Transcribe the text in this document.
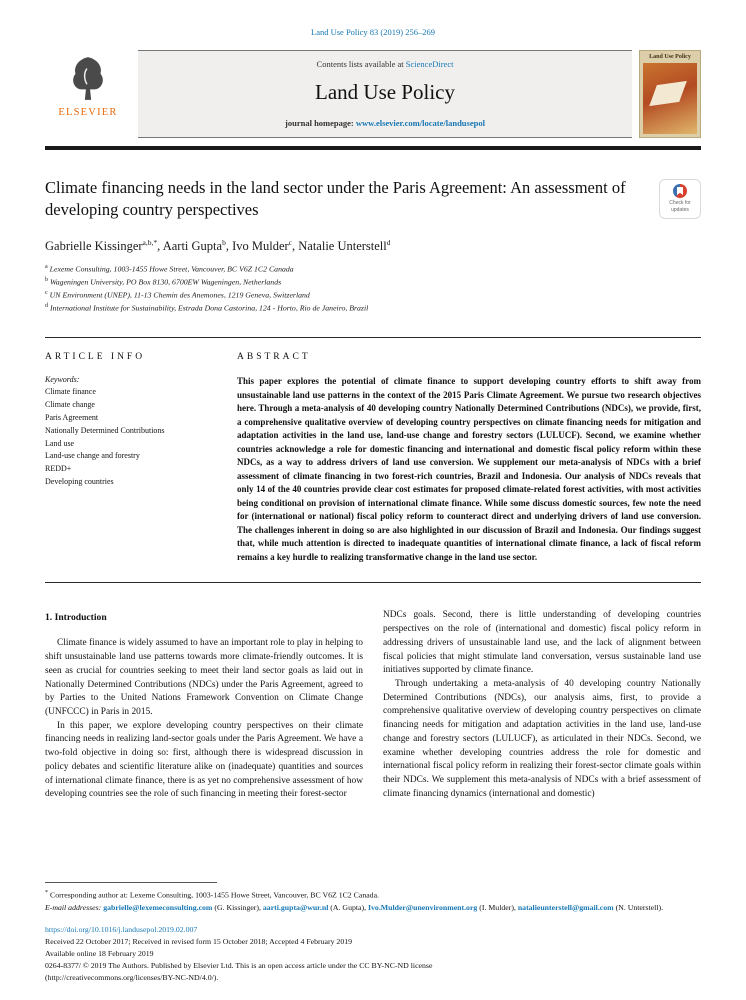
Land Use Policy 83 (2019) 256–269
ELSEVIER
Contents lists available at ScienceDirect
Land Use Policy
journal homepage: www.elsevier.com/locate/landusepol
Land Use Policy
Climate financing needs in the land sector under the Paris Agreement: An assessment of developing country perspectives	Check for updates
Gabrielle Kissinger$^{a,b,*}$, Aarti Gupta$^b$, Ivo Mulder$^c$, Natalie Unterstell$^d$
$^a$ Lexeme Consulting, 1003-1455 Howe Street, Vancouver, BC V6Z 1C2 Canada
$^b$ Wageningen University, PO Box 8130, 6700EW Wageningen, Netherlands
$^c$ UN Environment (UNEP), 11-13 Chemin des Anemones, 1219 Geneva, Switzerland
$^d$ International Institute for Sustainability, Estrada Dona Castorina, 124 - Horto, Rio de Janeiro, Brazil
ARTICLE INFO
Keywords:
Climate finance
Climate change
Paris Agreement
Nationally Determined Contributions
Land use
Land-use change and forestry
REDD+
Developing countries
ABSTRACT

This paper explores the potential of climate finance to support developing country efforts to shift away from unsustainable land use patterns in the context of the 2015 Paris Climate Agreement. We pursue two research objectives here. Through a meta-analysis of 40 developing country Nationally Determined Contributions (NDCs), we provide, first, a comprehensive qualitative overview of developing country perspectives on climate financing needs for mitigation and adaptation activities in the land use, land-use change and forestry sectors (LULUCF). Second, we examine whether countries acknowledge a role for domestic financing and international and domestic fiscal policy reform within these NDCs, as a way to address drivers of land use conversion. We supplement our meta-analysis of NDCs with a brief assessment of climate financing in two forest-rich countries, Brazil and Indonesia. Our analysis of NDCs reveals that only 14 of the 40 countries provide clear cost estimates for proposed climate-related forest activities, with most activities being conditional on provision of international climate finance. While some discuss domestic sources, few note the need for (international or national) fiscal policy reform to counteract direct and underlying drivers of land use conversion. The challenges inherent in doing so are also highlighted in our discussion of Brazil and Indonesia. Our findings suggest that, while much attention is directed to inadequate quantities of international climate finance, a lack of fiscal reform remains a key hurdle to realizing transformative change in the land use sector.

1. Introduction

Climate finance is widely assumed to have an important role to play in helping to shift unsustainable land use patterns towards more climate-friendly outcomes. It is seen as crucial for countries seeking to meet their land sector goals as laid out in Nationally Determined Contributions (NDCs) under the Paris Agreement, agreed to by Parties to the United Nations Framework Convention on Climate Change (UNFCCC) in Paris in 2015.

In this paper, we explore developing country perspectives on their climate financing needs in realizing land-sector goals under the Paris Agreement. We have a two-fold objective in doing so: first, although there is widespread discussion in policy debates and scientific literature alike on (inadequate) quantities and sources of international climate finance, there is as yet no comprehensive assessment of how developing countries see the role of such financing in meeting their forest-sector

NDCs goals. Second, there is little understanding of developing countries perspectives on the role of (international and domestic) fiscal policy reform in addressing drivers of unsustainable land use, and the lack of alignment between fiscal policies that might stimulate land conversation, versus sustainable land use initiatives supported by climate finance.

Through undertaking a meta-analysis of 40 developing country Nationally Determined Contributions (NDCs), our analysis aims, first, to provide a comprehensive qualitative overview of developing country perspectives on climate financing needs for mitigation and adaptation activities in the land use, land-use change and forestry sectors (LULUCF), as articulated in their NDCs. Second, we examine whether developing countries address the role for domestic and international fiscal policy reform in realizing their forest-sector climate goals within their NDCs. We supplement this meta-analysis of NDCs with a brief assessment of climate financing dynamics (international and domestic)

* Corresponding author at: Lexeme Consulting, 1003-1455 Howe Street, Vancouver, BC V6Z 1C2 Canada.
E-mail addresses: gabrielle@lexemeconsulting.com (G. Kissinger), aarti.gupta@wur.nl (A. Gupta), Ivo.Mulder@unenvironment.org (I. Mulder), natalieunterstell@gmail.com (N. Unterstell).
https://doi.org/10.1016/j.landusepol.2019.02.007
Received 22 October 2017; Received in revised form 15 October 2018; Accepted 4 February 2019
Available online 18 February 2019
0264-8377/ © 2019 The Authors. Published by Elsevier Ltd. This is an open access article under the CC BY-NC-ND license
(http://creativecommons.org/licenses/BY-NC-ND/4.0/).
